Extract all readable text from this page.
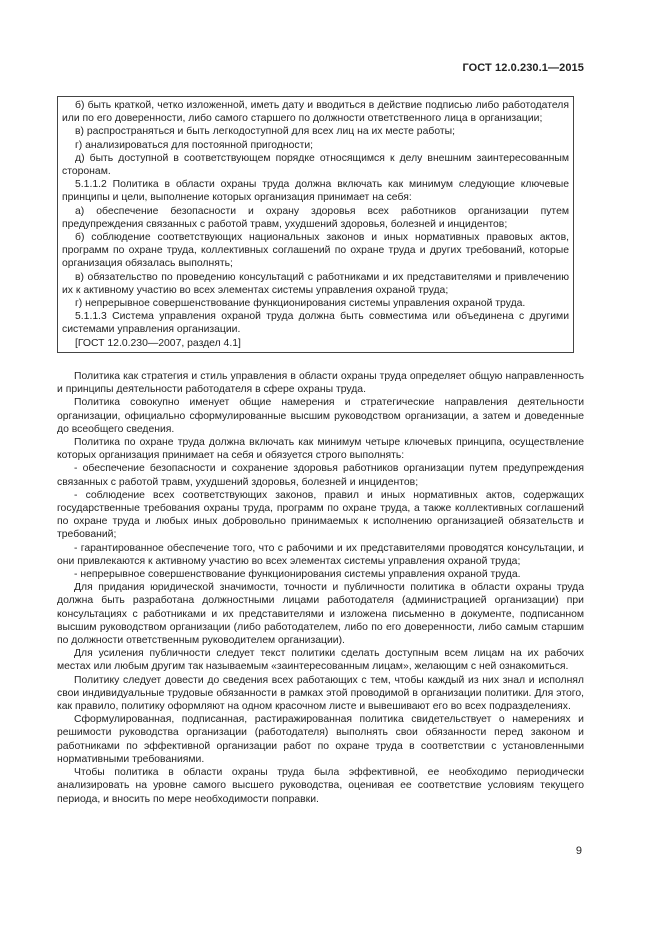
ГОСТ 12.0.230.1—2015

б) быть краткой, четко изложенной, иметь дату и вводиться в действие подписью либо работодателя или по его доверенности, либо самого старшего по должности ответственного лица в организации;

в) распространяться и быть легкодоступной для всех лиц на их месте работы;

г) анализироваться для постоянной пригодности;

д) быть доступной в соответствующем порядке относящимся к делу внешним заинтересованным сторонам.

5.1.1.2 Политика в области охраны труда должна включать как минимум следующие ключевые принципы и цели, выполнение которых организация принимает на себя:

а) обеспечение безопасности и охрану здоровья всех работников организации путем предупреждения связанных с работой травм, ухудшений здоровья, болезней и инцидентов;

б) соблюдение соответствующих национальных законов и иных нормативных правовых актов, программ по охране труда, коллективных соглашений по охране труда и других требований, которые организация обязалась выполнять;

в) обязательство по проведению консультаций с работниками и их представителями и привлечению их к активному участию во всех элементах системы управления охраной труда;

г) непрерывное совершенствование функционирования системы управления охраной труда.

5.1.1.3 Система управления охраной труда должна быть совместима или объединена с другими системами управления организации.

[ГОСТ 12.0.230—2007, раздел 4.1]

Политика как стратегия и стиль управления в области охраны труда определяет общую направленность и принципы деятельности работодателя в сфере охраны труда.

Политика совокупно именует общие намерения и стратегические направления деятельности организации, официально сформулированные высшим руководством организации, а затем и доведенные до всеобщего сведения.

Политика по охране труда должна включать как минимум четыре ключевых принципа, осуществление которых организация принимает на себя и обязуется строго выполнять:

- обеспечение безопасности и сохранение здоровья работников организации путем предупреждения связанных с работой травм, ухудшений здоровья, болезней и инцидентов;

- соблюдение всех соответствующих законов, правил и иных нормативных актов, содержащих государственные требования охраны труда, программ по охране труда, а также коллективных соглашений по охране труда и любых иных добровольно принимаемых к исполнению организацией обязательств и требований;

- гарантированное обеспечение того, что с рабочими и их представителями проводятся консультации, и они привлекаются к активному участию во всех элементах системы управления охраной труда;

- непрерывное совершенствование функционирования системы управления охраной труда.

Для придания юридической значимости, точности и публичности политика в области охраны труда должна быть разработана должностными лицами работодателя (администрацией организации) при консультациях с работниками и их представителями и изложена письменно в документе, подписанном высшим руководством организации (либо работодателем, либо по его доверенности, либо самым старшим по должности ответственным руководителем организации).

Для усиления публичности следует текст политики сделать доступным всем лицам на их рабочих местах или любым другим так называемым «заинтересованным лицам», желающим с ней ознакомиться.

Политику следует довести до сведения всех работающих с тем, чтобы каждый из них знал и исполнял свои индивидуальные трудовые обязанности в рамках этой проводимой в организации политики. Для этого, как правило, политику оформляют на одном красочном листе и вывешивают его во всех подразделениях.

Сформулированная, подписанная, растиражированная политика свидетельствует о намерениях и решимости руководства организации (работодателя) выполнять свои обязанности перед законом и работниками по эффективной организации работ по охране труда в соответствии с установленными нормативными требованиями.

Чтобы политика в области охраны труда была эффективной, ее необходимо периодически анализировать на уровне самого высшего руководства, оценивая ее соответствие условиям текущего периода, и вносить по мере необходимости поправки.

9
